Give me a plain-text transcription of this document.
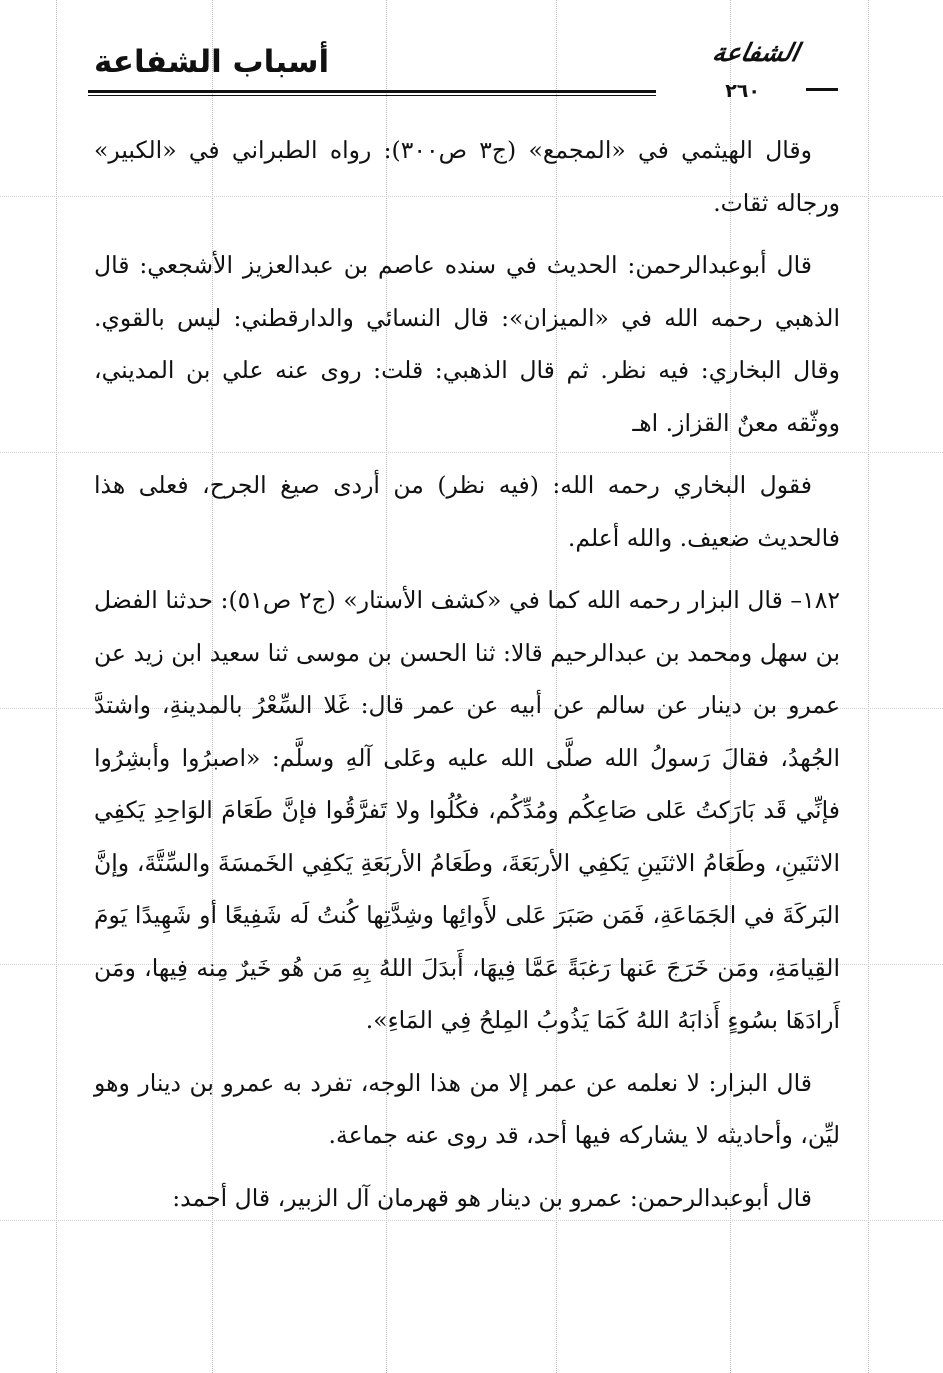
أسباب الشفاعة	الشفاعة
٢٦٠

وقال الهيثمي في «المجمع» (ج٣ ص٣٠٠): رواه الطبراني في «الكبير» ورجاله ثقات.

قال أبوعبدالرحمن: الحديث في سنده عاصم بن عبدالعزيز الأشجعي: قال الذهبي رحمه الله في «الميزان»: قال النسائي والدارقطني: ليس بالقوي. وقال البخاري: فيه نظر. ثم قال الذهبي: قلت: روى عنه علي بن المديني، ووثّقه معنٌ القزاز. اهـ

فقول البخاري رحمه الله: (فيه نظر) من أردى صيغ الجرح، فعلى هذا فالحديث ضعيف. والله أعلم.

١٨٢– قال البزار رحمه الله كما في «كشف الأستار» (ج٢ ص٥١): حدثنا الفضل بن سهل ومحمد بن عبدالرحيم قالا: ثنا الحسن بن موسى ثنا سعيد ابن زيد عن عمرو بن دينار عن سالم عن أبيه عن عمر قال: غَلا السِّعْرُ بالمدينةِ، واشتدَّ الجُهدُ، فقالَ رَسولُ الله صلَّى الله عليه وعَلى آلهِ وسلَّم: «اصبرُوا وأبشِرُوا فإنِّي قَد بَارَكتُ عَلى صَاعِكُم ومُدِّكُم، فكُلُوا ولا تَفرَّقُوا فإنَّ طَعَامَ الوَاحِدِ يَكفِي الاثنَينِ، وطَعَامُ الاثنَينِ يَكفِي الأربَعَةَ، وطَعَامُ الأربَعَةِ يَكفِي الخَمسَةَ والسِّتَّةَ، وإنَّ البَركَةَ في الجَمَاعَةِ، فَمَن صَبَرَ عَلى لأَوائِها وشِدَّتِها كُنتُ لَه شَفِيعًا أو شَهِيدًا يَومَ القِيامَةِ، ومَن خَرَجَ عَنها رَغبَةً عَمَّا فِيهَا، أَبدَلَ اللهُ بِهِ مَن هُو خَيرٌ مِنه فِيها، ومَن أَرادَهَا بسُوءٍ أَذابَهُ اللهُ كَمَا يَذُوبُ المِلحُ فِي المَاءِ».

قال البزار: لا نعلمه عن عمر إلا من هذا الوجه، تفرد به عمرو بن دينار وهو ليِّن، وأحاديثه لا يشاركه فيها أحد، قد روى عنه جماعة.

قال أبوعبدالرحمن: عمرو بن دينار هو قهرمان آل الزبير، قال أحمد:
